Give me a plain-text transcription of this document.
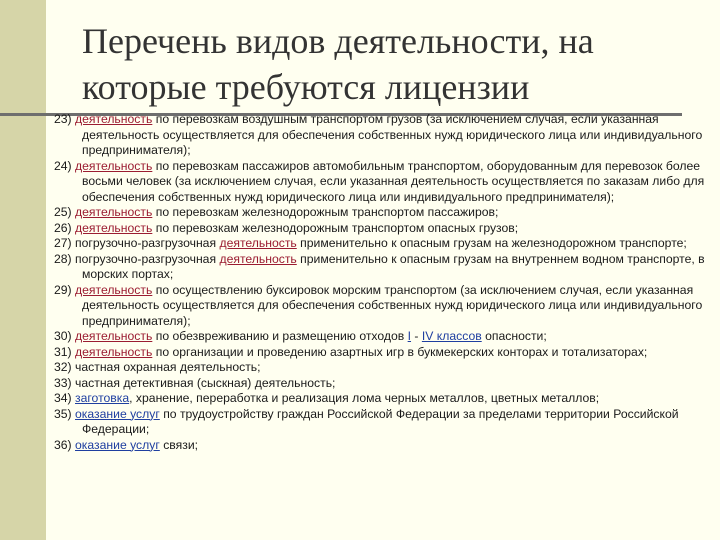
Перечень видов деятельности, на
которые требуются лицензии
23) деятельность по перевозкам воздушным транспортом грузов (за исключением случая, если указанная деятельность осуществляется для обеспечения собственных нужд юридического лица или индивидуального предпринимателя);
24) деятельность по перевозкам пассажиров автомобильным транспортом, оборудованным для перевозок более восьми человек (за исключением случая, если указанная деятельность осуществляется по заказам либо для обеспечения собственных нужд юридического лица или индивидуального предпринимателя);
25) деятельность по перевозкам железнодорожным транспортом пассажиров;
26) деятельность по перевозкам железнодорожным транспортом опасных грузов;
27) погрузочно-разгрузочная деятельность применительно к опасным грузам на железнодорожном транспорте;
28) погрузочно-разгрузочная деятельность применительно к опасным грузам на внутреннем водном транспорте, в морских портах;
29) деятельность по осуществлению буксировок морским транспортом (за исключением случая, если указанная деятельность осуществляется для обеспечения собственных нужд юридического лица или индивидуального предпринимателя);
30) деятельность по обезвреживанию и размещению отходов I - IV классов опасности;
31) деятельность по организации и проведению азартных игр в букмекерских конторах и тотализаторах;
32) частная охранная деятельность;
33) частная детективная (сыскная) деятельность;
34) заготовка, хранение, переработка и реализация лома черных металлов, цветных металлов;
35) оказание услуг по трудоустройству граждан Российской Федерации за пределами территории Российской Федерации;
36) оказание услуг связи;
